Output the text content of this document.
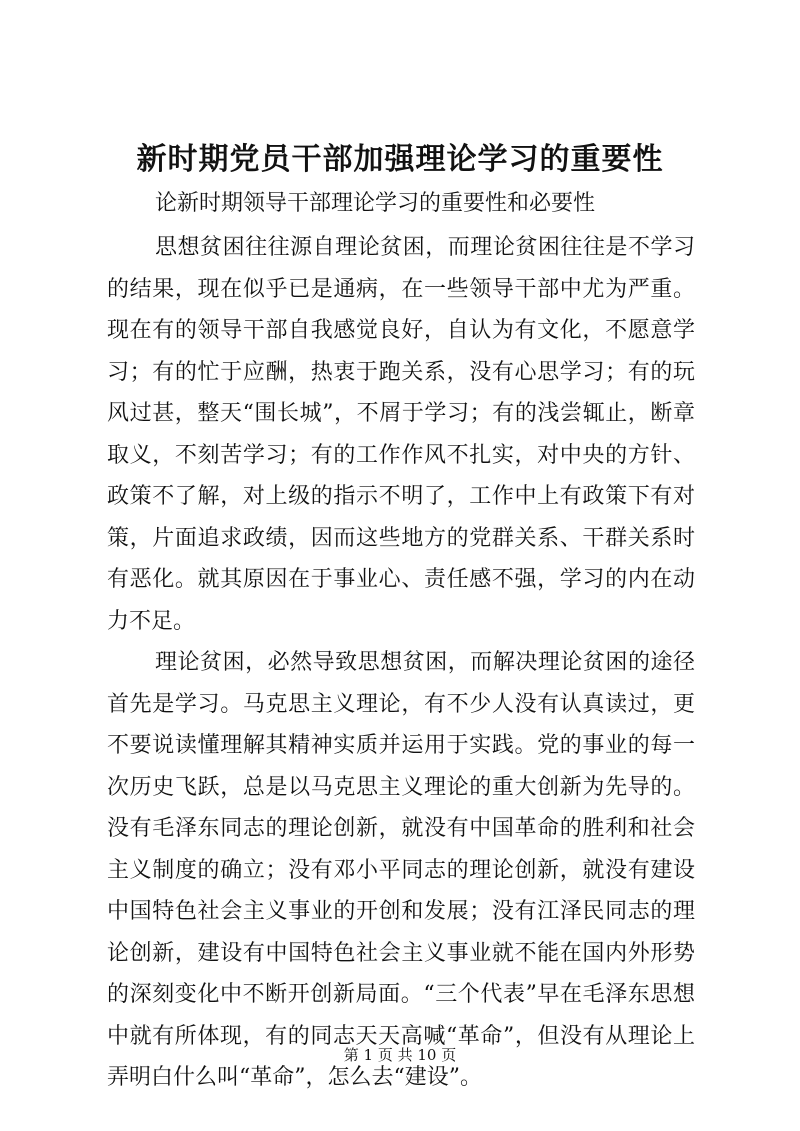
新时期党员干部加强理论学习的重要性
论新时期领导干部理论学习的重要性和必要性

思想贫困往往源自理论贫困，而理论贫困往往是不学习的结果，现在似乎已是通病，在一些领导干部中尤为严重。现在有的领导干部自我感觉良好，自认为有文化，不愿意学习；有的忙于应酬，热衷于跑关系，没有心思学习；有的玩风过甚，整天“围长城”，不屑于学习；有的浅尝辄止，断章取义，不刻苦学习；有的工作作风不扎实，对中央的方针、政策不了解，对上级的指示不明了，工作中上有政策下有对策，片面追求政绩，因而这些地方的党群关系、干群关系时有恶化。就其原因在于事业心、责任感不强，学习的内在动力不足。

理论贫困，必然导致思想贫困，而解决理论贫困的途径首先是学习。马克思主义理论，有不少人没有认真读过，更不要说读懂理解其精神实质并运用于实践。党的事业的每一次历史飞跃，总是以马克思主义理论的重大创新为先导的。没有毛泽东同志的理论创新，就没有中国革命的胜利和社会主义制度的确立；没有邓小平同志的理论创新，就没有建设中国特色社会主义事业的开创和发展；没有江泽民同志的理论创新，建设有中国特色社会主义事业就不能在国内外形势的深刻变化中不断开创新局面。“三个代表”早在毛泽东思想中就有所体现，有的同志天天高喊“革命”，但没有从理论上弄明白什么叫“革命”，怎么去“建设”。

第 1 页 共 10 页
